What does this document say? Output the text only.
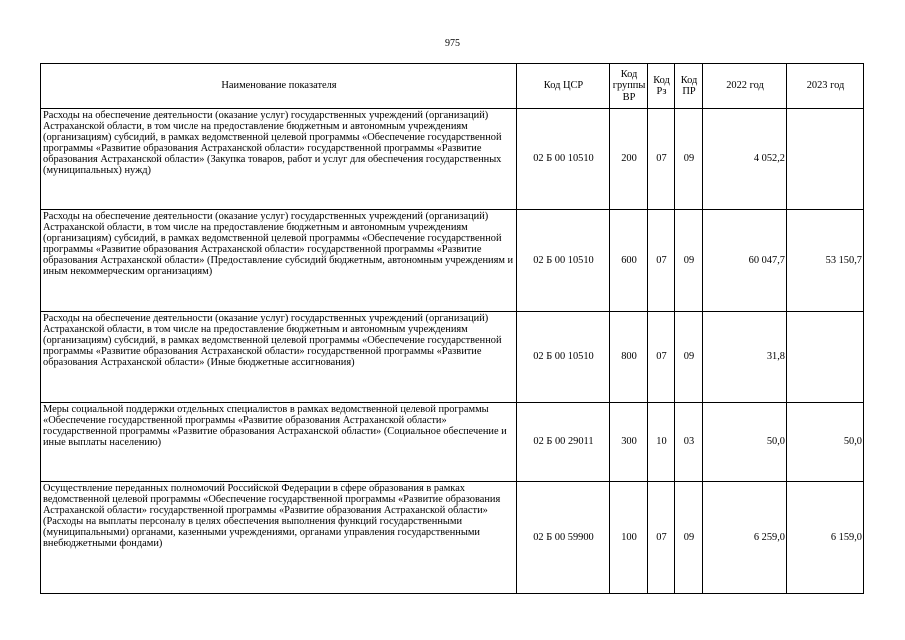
975
Наименование показателя	Код ЦСР	Код группы ВР	Код Рз	Код ПР	2022 год	2023 год
Расходы на обеспечение деятельности (оказание услуг) государственных учреждений (организаций) Астраханской области, в том числе на предоставление бюджетным и автономным учреждениям (организациям) субсидий, в рамках ведомственной целевой программы «Обеспечение государственной программы «Развитие образования Астраханской области» государственной программы «Развитие образования Астраханской области» (Закупка товаров, работ и услуг для обеспечения государственных (муниципальных) нужд)	02 Б 00 10510	200	07	09	4 052,2	
Расходы на обеспечение деятельности (оказание услуг) государственных учреждений (организаций) Астраханской области, в том числе на предоставление бюджетным и автономным учреждениям (организациям) субсидий, в рамках ведомственной целевой программы «Обеспечение государственной программы «Развитие образования Астраханской области» государственной программы «Развитие образования Астраханской области» (Предоставление субсидий бюджетным, автономным учреждениям и иным некоммерческим организациям)	02 Б 00 10510	600	07	09	60 047,7	53 150,7
Расходы на обеспечение деятельности (оказание услуг) государственных учреждений (организаций) Астраханской области, в том числе на предоставление бюджетным и автономным учреждениям (организациям) субсидий, в рамках ведомственной целевой программы «Обеспечение государственной программы «Развитие образования Астраханской области» государственной программы «Развитие образования Астраханской области» (Иные бюджетные ассигнования)	02 Б 00 10510	800	07	09	31,8	
Меры социальной поддержки отдельных специалистов в рамках ведомственной целевой программы «Обеспечение государственной программы «Развитие образования Астраханской области» государственной программы «Развитие образования Астраханской области» (Социальное обеспечение и иные выплаты населению)	02 Б 00 29011	300	10	03	50,0	50,0
Осуществление переданных полномочий Российской Федерации в сфере образования в рамках ведомственной целевой программы «Обеспечение государственной программы «Развитие образования Астраханской области» государственной программы «Развитие образования Астраханской области» (Расходы на выплаты персоналу в целях обеспечения выполнения функций государственными (муниципальными) органами, казенными учреждениями, органами управления государственными внебюджетными фондами)	02 Б 00 59900	100	07	09	6 259,0	6 159,0
